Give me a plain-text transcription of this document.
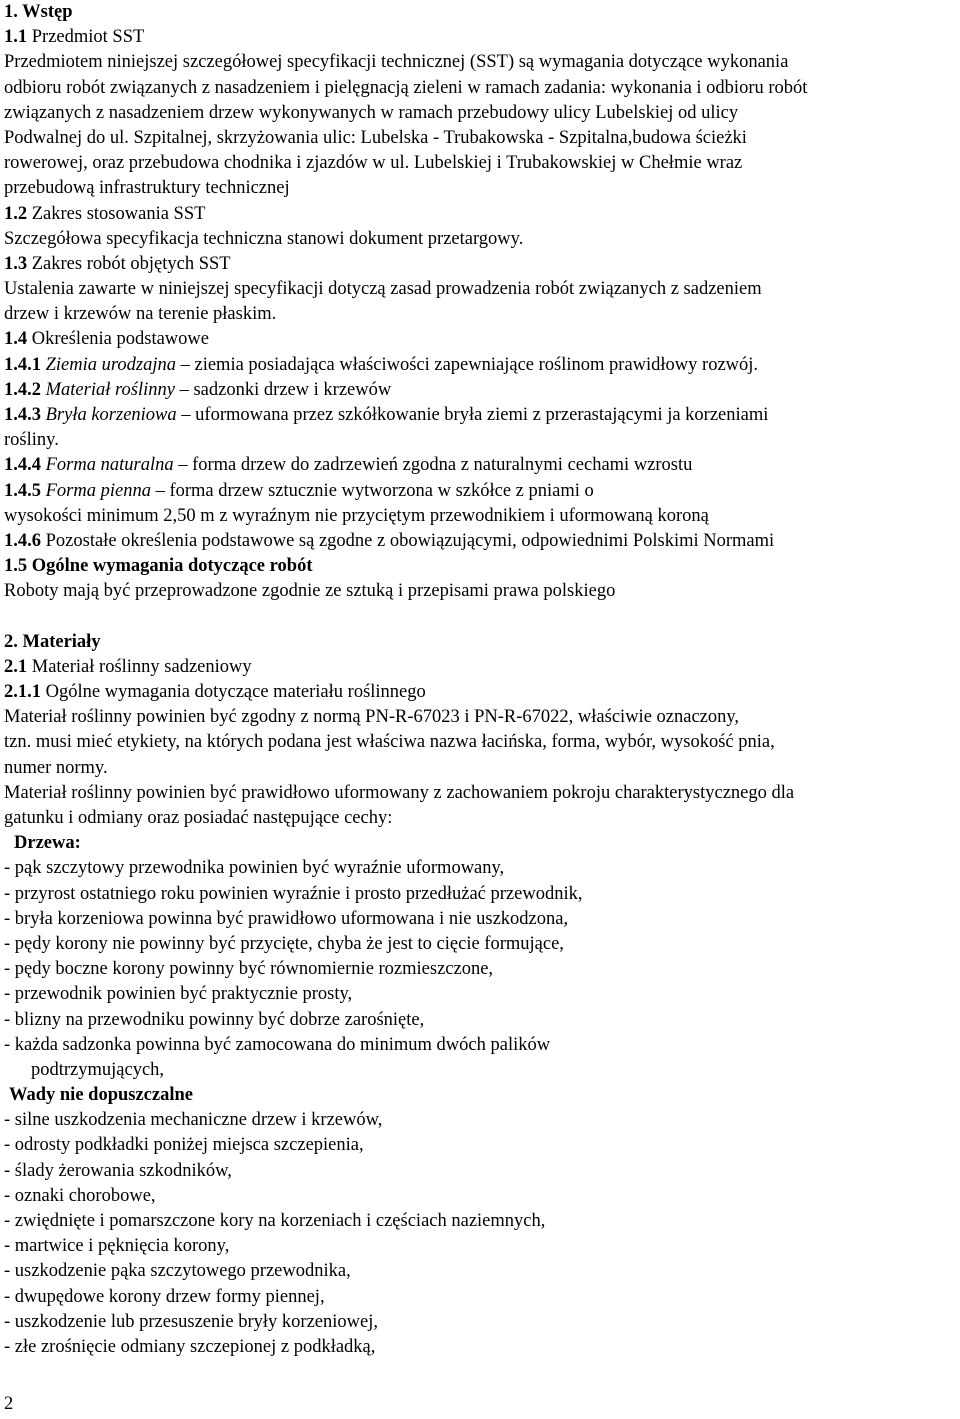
1. Wstęp
1.1 Przedmiot SST
Przedmiotem niniejszej szczegółowej specyfikacji technicznej (SST) są wymagania dotyczące wykonania
odbioru robót związanych z nasadzeniem i pielęgnacją zieleni w ramach zadania: wykonania i odbioru robót
związanych z nasadzeniem drzew wykonywanych w ramach przebudowy ulicy Lubelskiej od ulicy
Podwalnej do ul. Szpitalnej, skrzyżowania ulic: Lubelska - Trubakowska - Szpitalna,budowa ścieżki
rowerowej, oraz przebudowa chodnika i zjazdów w ul. Lubelskiej i Trubakowskiej w Chełmie wraz
przebudową infrastruktury technicznej
1.2 Zakres stosowania SST
Szczegółowa specyfikacja techniczna stanowi dokument przetargowy.
1.3 Zakres robót objętych SST
Ustalenia zawarte w niniejszej specyfikacji dotyczą zasad prowadzenia robót związanych z sadzeniem
drzew i krzewów na terenie płaskim.
1.4 Określenia podstawowe
1.4.1 Ziemia urodzajna – ziemia posiadająca właściwości zapewniające roślinom prawidłowy rozwój.
1.4.2 Materiał roślinny – sadzonki drzew i krzewów
1.4.3 Bryła korzeniowa – uformowana przez szkółkowanie bryła ziemi z przerastającymi ja korzeniami
rośliny.
1.4.4 Forma naturalna – forma drzew do zadrzewień zgodna z naturalnymi cechami wzrostu
1.4.5 Forma pienna – forma drzew sztucznie wytworzona w szkółce z pniami o
wysokości minimum 2,50 m z wyraźnym nie przyciętym przewodnikiem i uformowaną koroną
1.4.6 Pozostałe określenia podstawowe są zgodne z obowiązującymi, odpowiednimi Polskimi Normami
1.5 Ogólne wymagania dotyczące robót
Roboty mają być przeprowadzone zgodnie ze sztuką i przepisami prawa polskiego
2. Materiały
2.1 Materiał roślinny sadzeniowy
2.1.1 Ogólne wymagania dotyczące materiału roślinnego
Materiał roślinny powinien być zgodny z normą PN-R-67023 i PN-R-67022, właściwie oznaczony,
tzn. musi mieć etykiety, na których podana jest właściwa nazwa łacińska, forma, wybór, wysokość pnia,
numer normy.
Materiał roślinny powinien być prawidłowo uformowany z zachowaniem pokroju charakterystycznego dla
gatunku i odmiany oraz posiadać następujące cechy:
Drzewa:
- pąk szczytowy przewodnika powinien być wyraźnie uformowany,
- przyrost ostatniego roku powinien wyraźnie i prosto przedłużać przewodnik,
- bryła korzeniowa powinna być prawidłowo uformowana i nie uszkodzona,
- pędy korony nie powinny być przycięte, chyba że jest to cięcie formujące,
- pędy boczne korony powinny być równomiernie rozmieszczone,
- przewodnik powinien być praktycznie prosty,
- blizny na przewodniku powinny być dobrze zarośnięte,
- każda sadzonka powinna być zamocowana do minimum dwóch palików
podtrzymujących,
Wady nie dopuszczalne
- silne uszkodzenia mechaniczne drzew i krzewów,
- odrosty podkładki poniżej miejsca szczepienia,
- ślady żerowania szkodników,
- oznaki chorobowe,
- zwiędnięte i pomarszczone kory na korzeniach i częściach naziemnych,
- martwice i pęknięcia korony,
- uszkodzenie pąka szczytowego przewodnika,
- dwupędowe korony drzew formy piennej,
- uszkodzenie lub przesuszenie bryły korzeniowej,
- złe zrośnięcie odmiany szczepionej z podkładką,
2
